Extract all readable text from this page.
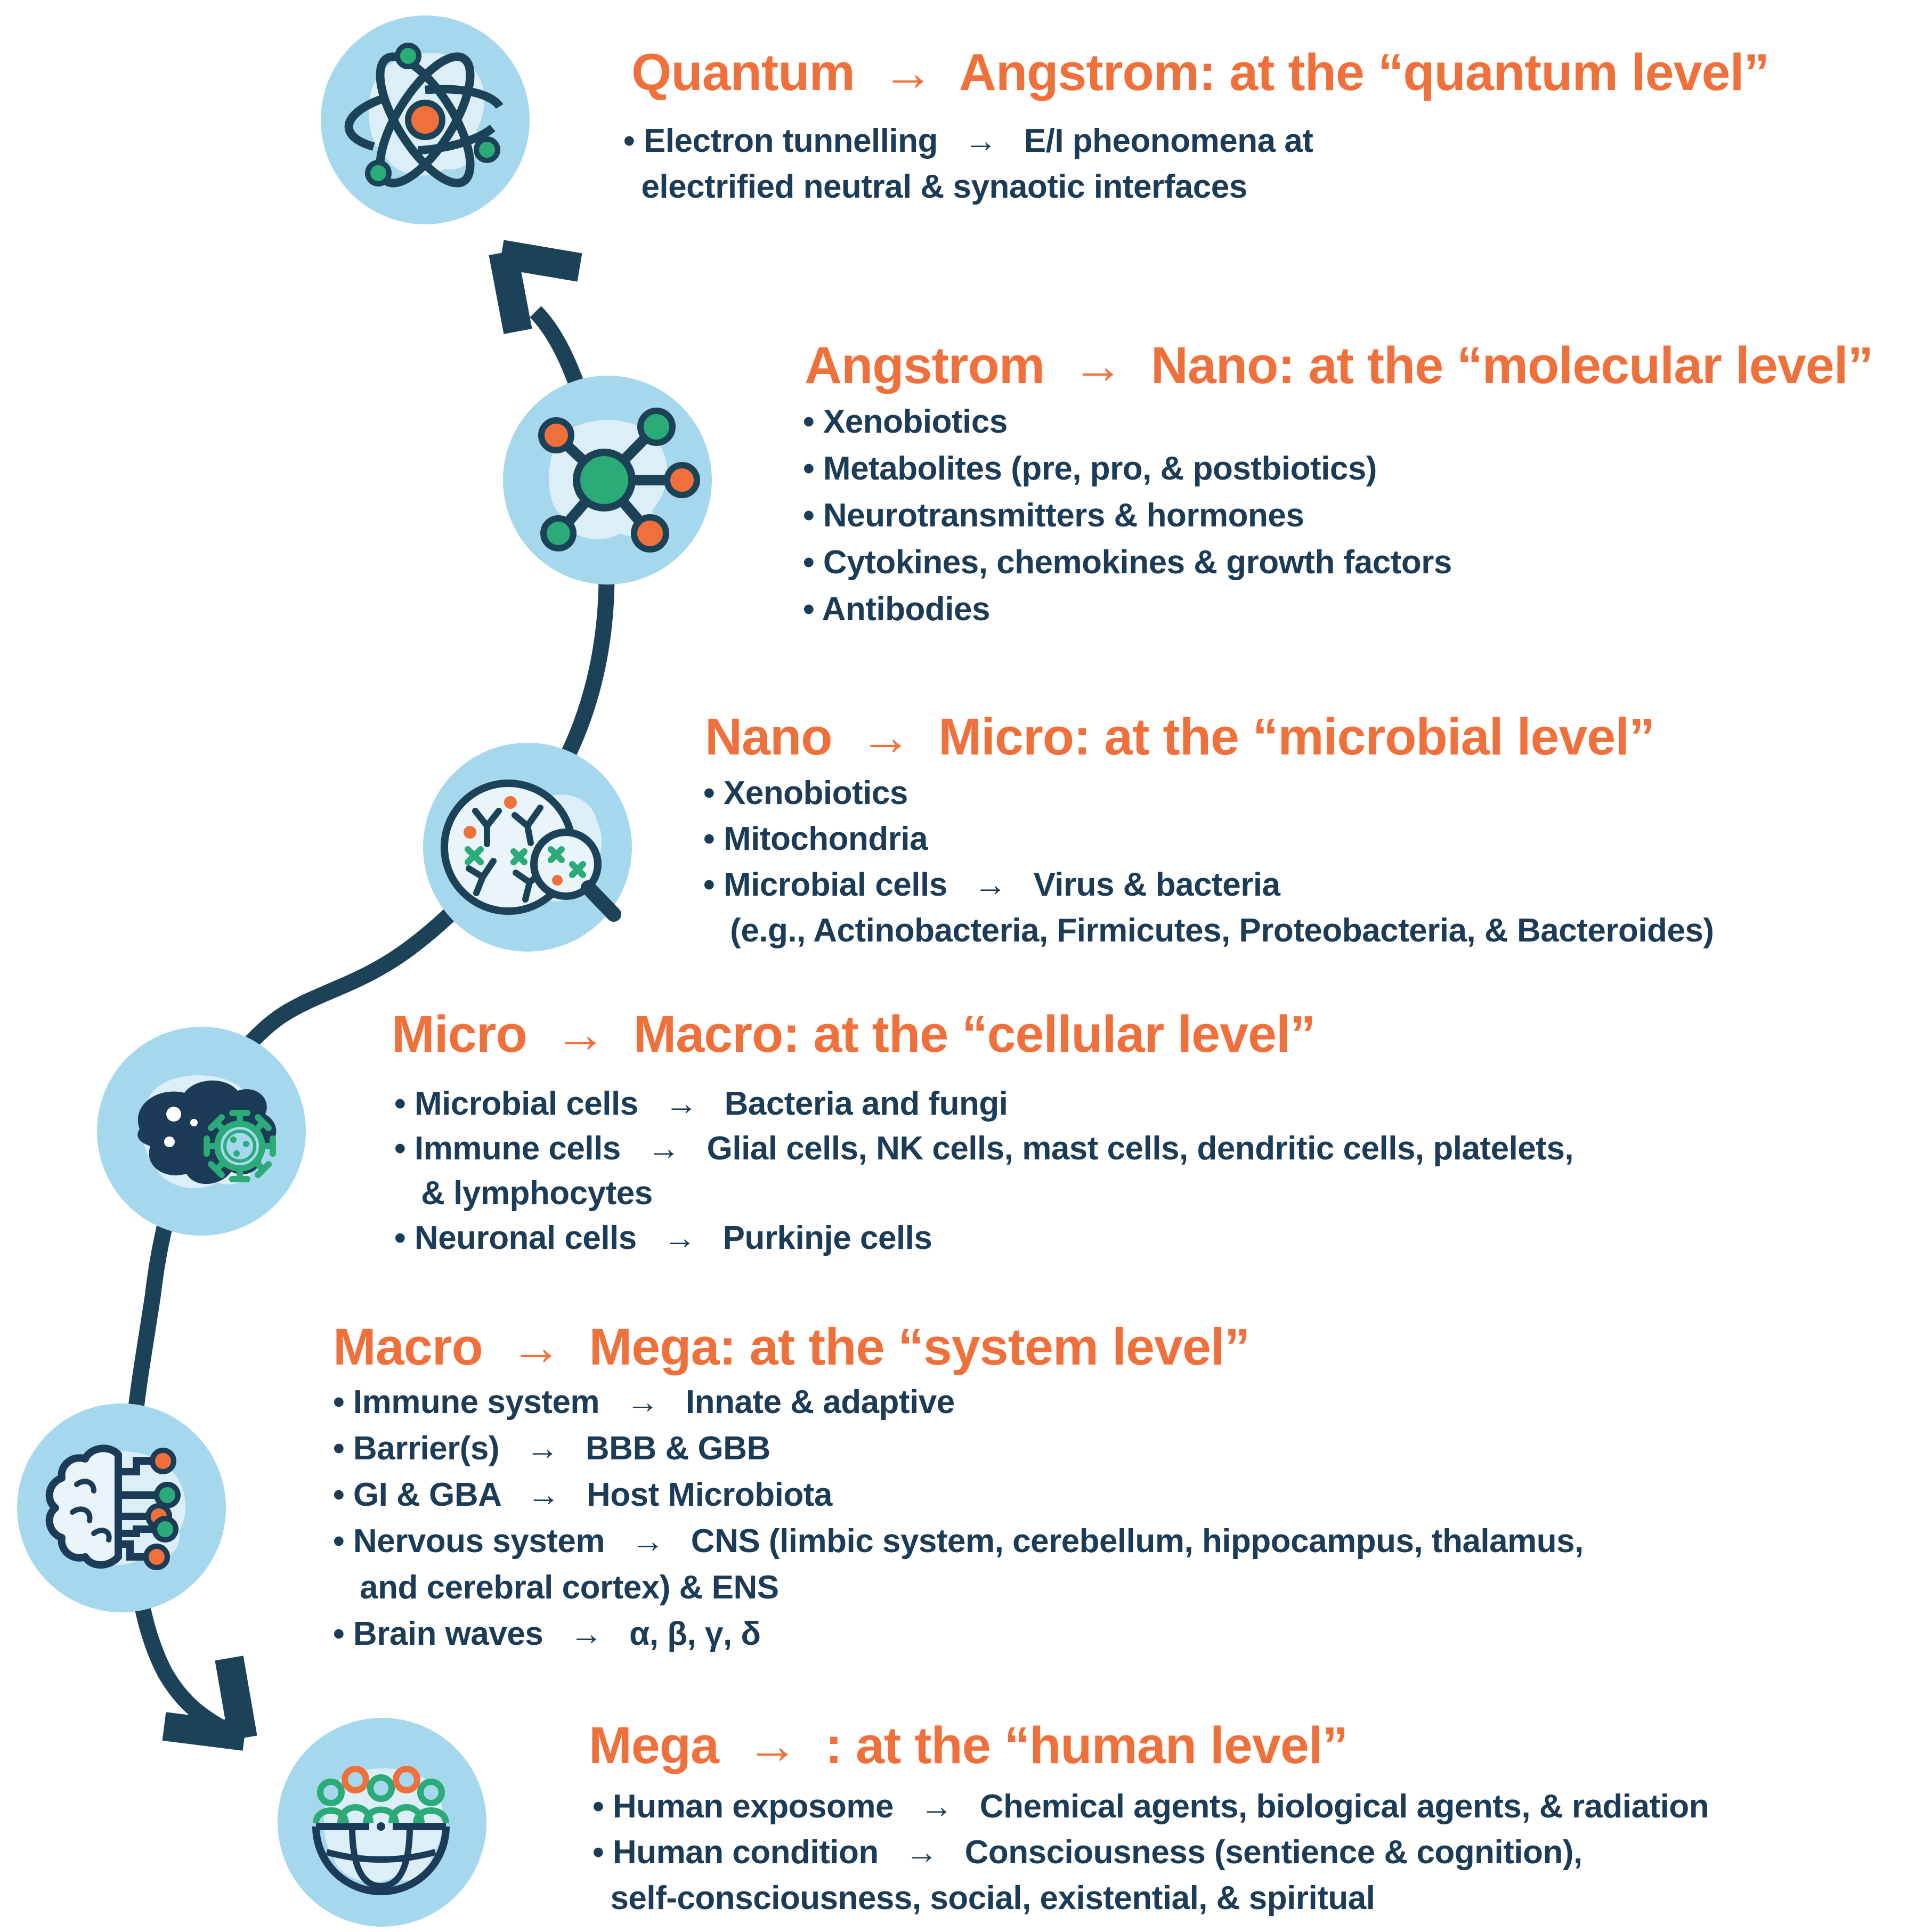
Quantum  →  Angstrom: at the “quantum level”
• Electron tunnelling   →   E/I pheonomena at
electrified neutral & synaotic interfaces
Angstrom  →  Nano: at the “molecular level”
• Xenobiotics
• Metabolites (pre, pro, & postbiotics)
• Neurotransmitters & hormones
• Cytokines, chemokines & growth factors
• Antibodies
Nano  →  Micro: at the “microbial level”
• Xenobiotics
• Mitochondria
• Microbial cells   →   Virus & bacteria
(e.g., Actinobacteria, Firmicutes, Proteobacteria, & Bacteroides)
Micro  →  Macro: at the “cellular level”
• Microbial cells   →   Bacteria and fungi
• Immune cells   →   Glial cells, NK cells, mast cells, dendritic cells, platelets,
& lymphocytes
• Neuronal cells   →   Purkinje cells
Macro  →  Mega: at the “system level”
• Immune system   →   Innate & adaptive
• Barrier(s)   →   BBB & GBB
• GI & GBA   →   Host Microbiota
• Nervous system   →   CNS (limbic system, cerebellum, hippocampus, thalamus,
and cerebral cortex) & ENS
• Brain waves   →   α, β, γ, δ
Mega  →  : at the “human level”
• Human exposome   →   Chemical agents, biological agents, & radiation
• Human condition   →   Consciousness (sentience & cognition),
self-consciousness, social, existential, & spiritual
